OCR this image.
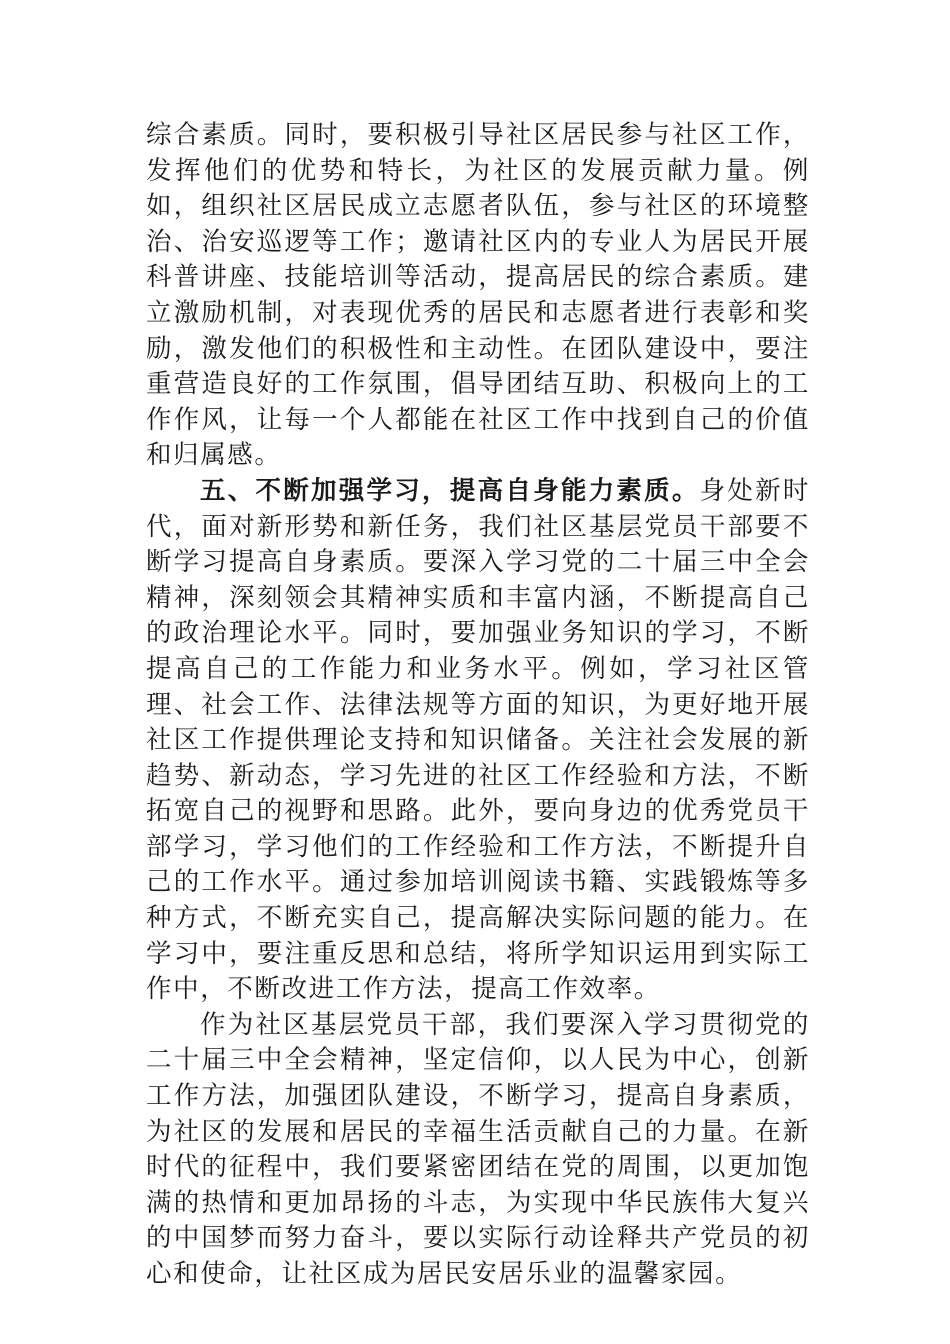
综合素质。同时，要积极引导社区居民参与社区工作，发挥他们的优势和特长，为社区的发展贡献力量。例如，组织社区居民成立志愿者队伍，参与社区的环境整治、治安巡逻等工作；邀请社区内的专业人为居民开展科普讲座、技能培训等活动，提高居民的综合素质。建立激励机制，对表现优秀的居民和志愿者进行表彰和奖励，激发他们的积极性和主动性。在团队建设中，要注重营造良好的工作氛围，倡导团结互助、积极向上的工作作风，让每一个人都能在社区工作中找到自己的价值和归属感。

五、不断加强学习，提高自身能力素质。身处新时代，面对新形势和新任务，我们社区基层党员干部要不断学习提高自身素质。要深入学习党的二十届三中全会精神，深刻领会其精神实质和丰富内涵，不断提高自己的政治理论水平。同时，要加强业务知识的学习，不断提高自己的工作能力和业务水平。例如，学习社区管理、社会工作、法律法规等方面的知识，为更好地开展社区工作提供理论支持和知识储备。关注社会发展的新趋势、新动态，学习先进的社区工作经验和方法，不断拓宽自己的视野和思路。此外，要向身边的优秀党员干部学习，学习他们的工作经验和工作方法，不断提升自己的工作水平。通过参加培训阅读书籍、实践锻炼等多种方式，不断充实自己，提高解决实际问题的能力。在学习中，要注重反思和总结，将所学知识运用到实际工作中，不断改进工作方法，提高工作效率。

作为社区基层党员干部，我们要深入学习贯彻党的二十届三中全会精神，坚定信仰，以人民为中心，创新工作方法，加强团队建设，不断学习，提高自身素质，为社区的发展和居民的幸福生活贡献自己的力量。在新时代的征程中，我们要紧密团结在党的周围，以更加饱满的热情和更加昂扬的斗志，为实现中华民族伟大复兴的中国梦而努力奋斗，要以实际行动诠释共产党员的初心和使命，让社区成为居民安居乐业的温馨家园。
